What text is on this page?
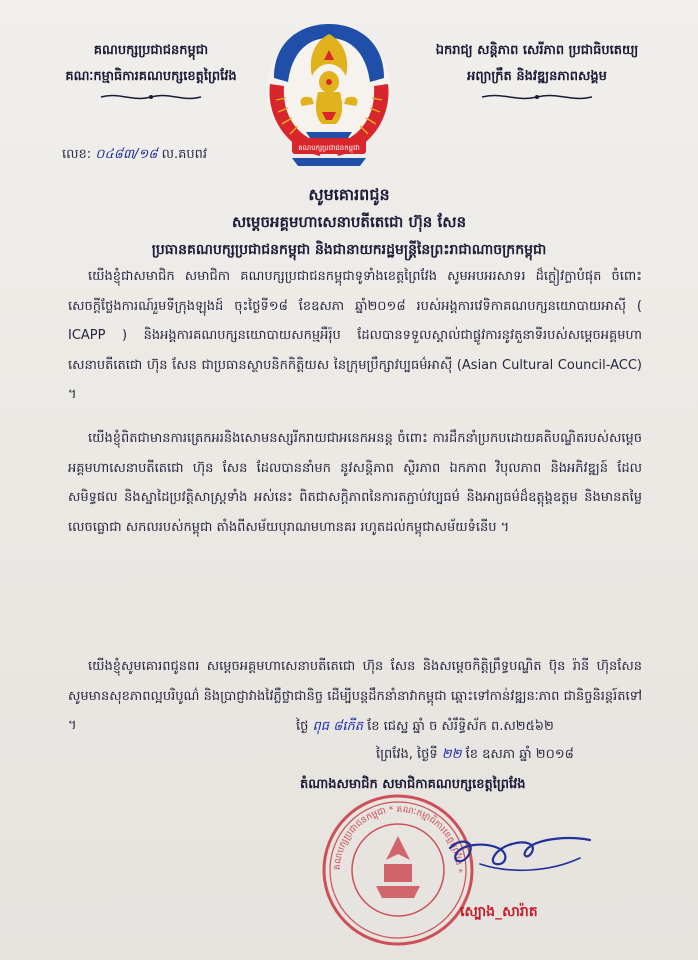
គណបក្សប្រជាជនកម្ពុជា
គណៈកម្មាធិការគណបក្សខេត្តព្រៃវែង
គណបក្សប្រជាជនកម្ពុជា
ឯករាជ្យ សន្តិភាព សេរីភាព ប្រជាធិបតេយ្យ
អព្យាក្រឹត និងវឌ្ឍនភាពសង្គម
លេខ: ០៤៨៣/១៨ ល.គបពវ
សូមគោរពជូន
សម្តេចអគ្គមហាសេនាបតីតេជោ ហ៊ុន សែន
ប្រធានគណបក្សប្រជាជនកម្ពុជា និងជានាយករដ្ឋមន្ត្រីនៃព្រះរាជាណាចក្រកម្ពុជា
យើងខ្ញុំជាសមាជិក សមាជិកា គណបក្សប្រជាជនកម្ពុជាទូទាំងខេត្តព្រៃវែង សូមអបអរសាទរ ដ៏ក្លៀវក្លាបំផុត ចំពោះសេចក្តីថ្លែងការណ៍រួមទីក្រុងឡុងដ៍ ចុះថ្ងៃទី១៨ ខែឧសភា ឆ្នាំ២០១៨ របស់អង្គការវេទិកាគណបក្សនយោបាយអាស៊ី ( ICAPP ) និងអង្គការគណបក្សនយោបាយសកម្មអឺរ៉ុប ដែលបានទទួលស្គាល់ជាផ្លូវការនូវតួនាទីរបស់សម្តេចអគ្គមហាសេនាបតីតេជោ ហ៊ុន សែន ជាប្រធានស្ថាបនិកកិត្តិយស នៃក្រុមប្រឹក្សាវប្បធម៌អាស៊ី (Asian Cultural Council-ACC) ។
យើងខ្ញុំពិតជាមានការត្រេកអរនិងសោមនស្សរីករាយជាអនេកអនន្ត ចំពោះ ការដឹកនាំប្រកបដោយគតិបណ្ឌិតរបស់សម្តេចអគ្គមហាសេនាបតីតេជោ ហ៊ុន សែន ដែលបាននាំមក នូវសន្តិភាព ស្ថិរភាព ឯកភាព វិបុលភាព និងអភិវឌ្ឍន៍ ដែលសមិទ្ធផល និងស្នាដៃប្រវត្តិសាស្ត្រទាំង អស់នេះ ពិតជាសក្តិភាពនៃការតភ្ជាប់វប្បធម៌ និងអារ្យធម៌ដ៏ឧត្តុង្គឧត្តម និងមានតម្លៃលេចធ្លោជា សកលរបស់កម្ពុជា តាំងពីសម័យបុរាណមហានគរ រហូតដល់កម្ពុជាសម័យទំនើប ។
យើងខ្ញុំសូមគោរពជូនពរ សម្តេចអគ្គមហាសេនាបតីតេជោ ហ៊ុន សែន និងសម្តេចកិត្តិព្រឹទ្ធបណ្ឌិត ប៊ុន រ៉ានី ហ៊ុនសែន សូមមានសុខភាពល្អបរិបូណ៌ និងប្រាជ្ញាវាងវៃភ្លឺថ្លាជានិច្ច ដើម្បីបន្តដឹកនាំនាវាកម្ពុជា ឆ្ពោះទៅកាន់វឌ្ឍនៈភាព ជានិច្ចនិរន្តរ៍តទៅ ។	ថ្ងៃ ពុធ ៨កើត ខែ ជេស្ឋ ឆ្នាំ ច សំរឹទ្ធិស័ក ព.ស២៥៦២
ព្រៃវែង, ថ្ងៃទី ២២ ខែ ឧសភា ឆ្នាំ ២០១៨
តំណាងសមាជិក សមាជិកាគណបក្សខេត្តព្រៃវែង
គណបក្សប្រជាជនកម្ពុជា * គណៈកម្មាធិការខេត្តព្រៃវែង *
ស្បោង_សារ៉ាត
